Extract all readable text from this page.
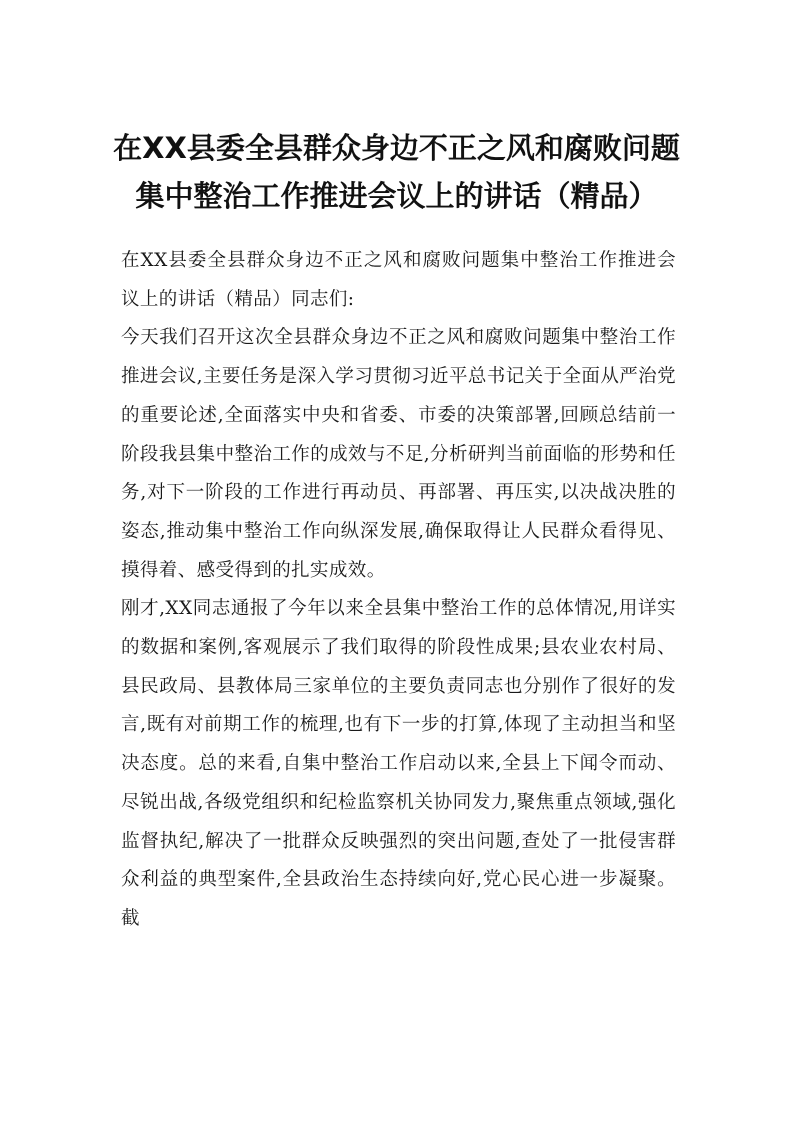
在XX县委全县群众身边不正之风和腐败问题集中整治工作推进会议上的讲话（精品）

在XX县委全县群众身边不正之风和腐败问题集中整治工作推进会议上的讲话（精品）同志们:

今天我们召开这次全县群众身边不正之风和腐败问题集中整治工作推进会议,主要任务是深入学习贯彻习近平总书记关于全面从严治党的重要论述,全面落实中央和省委、市委的决策部署,回顾总结前一阶段我县集中整治工作的成效与不足,分析研判当前面临的形势和任务,对下一阶段的工作进行再动员、再部署、再压实,以决战决胜的姿态,推动集中整治工作向纵深发展,确保取得让人民群众看得见、摸得着、感受得到的扎实成效。

刚才,XX同志通报了今年以来全县集中整治工作的总体情况,用详实的数据和案例,客观展示了我们取得的阶段性成果;县农业农村局、县民政局、县教体局三家单位的主要负责同志也分别作了很好的发言,既有对前期工作的梳理,也有下一步的打算,体现了主动担当和坚决态度。总的来看,自集中整治工作启动以来,全县上下闻令而动、尽锐出战,各级党组织和纪检监察机关协同发力,聚焦重点领域,强化监督执纪,解决了一批群众反映强烈的突出问题,查处了一批侵害群众利益的典型案件,全县政治生态持续向好,党心民心进一步凝聚。截
